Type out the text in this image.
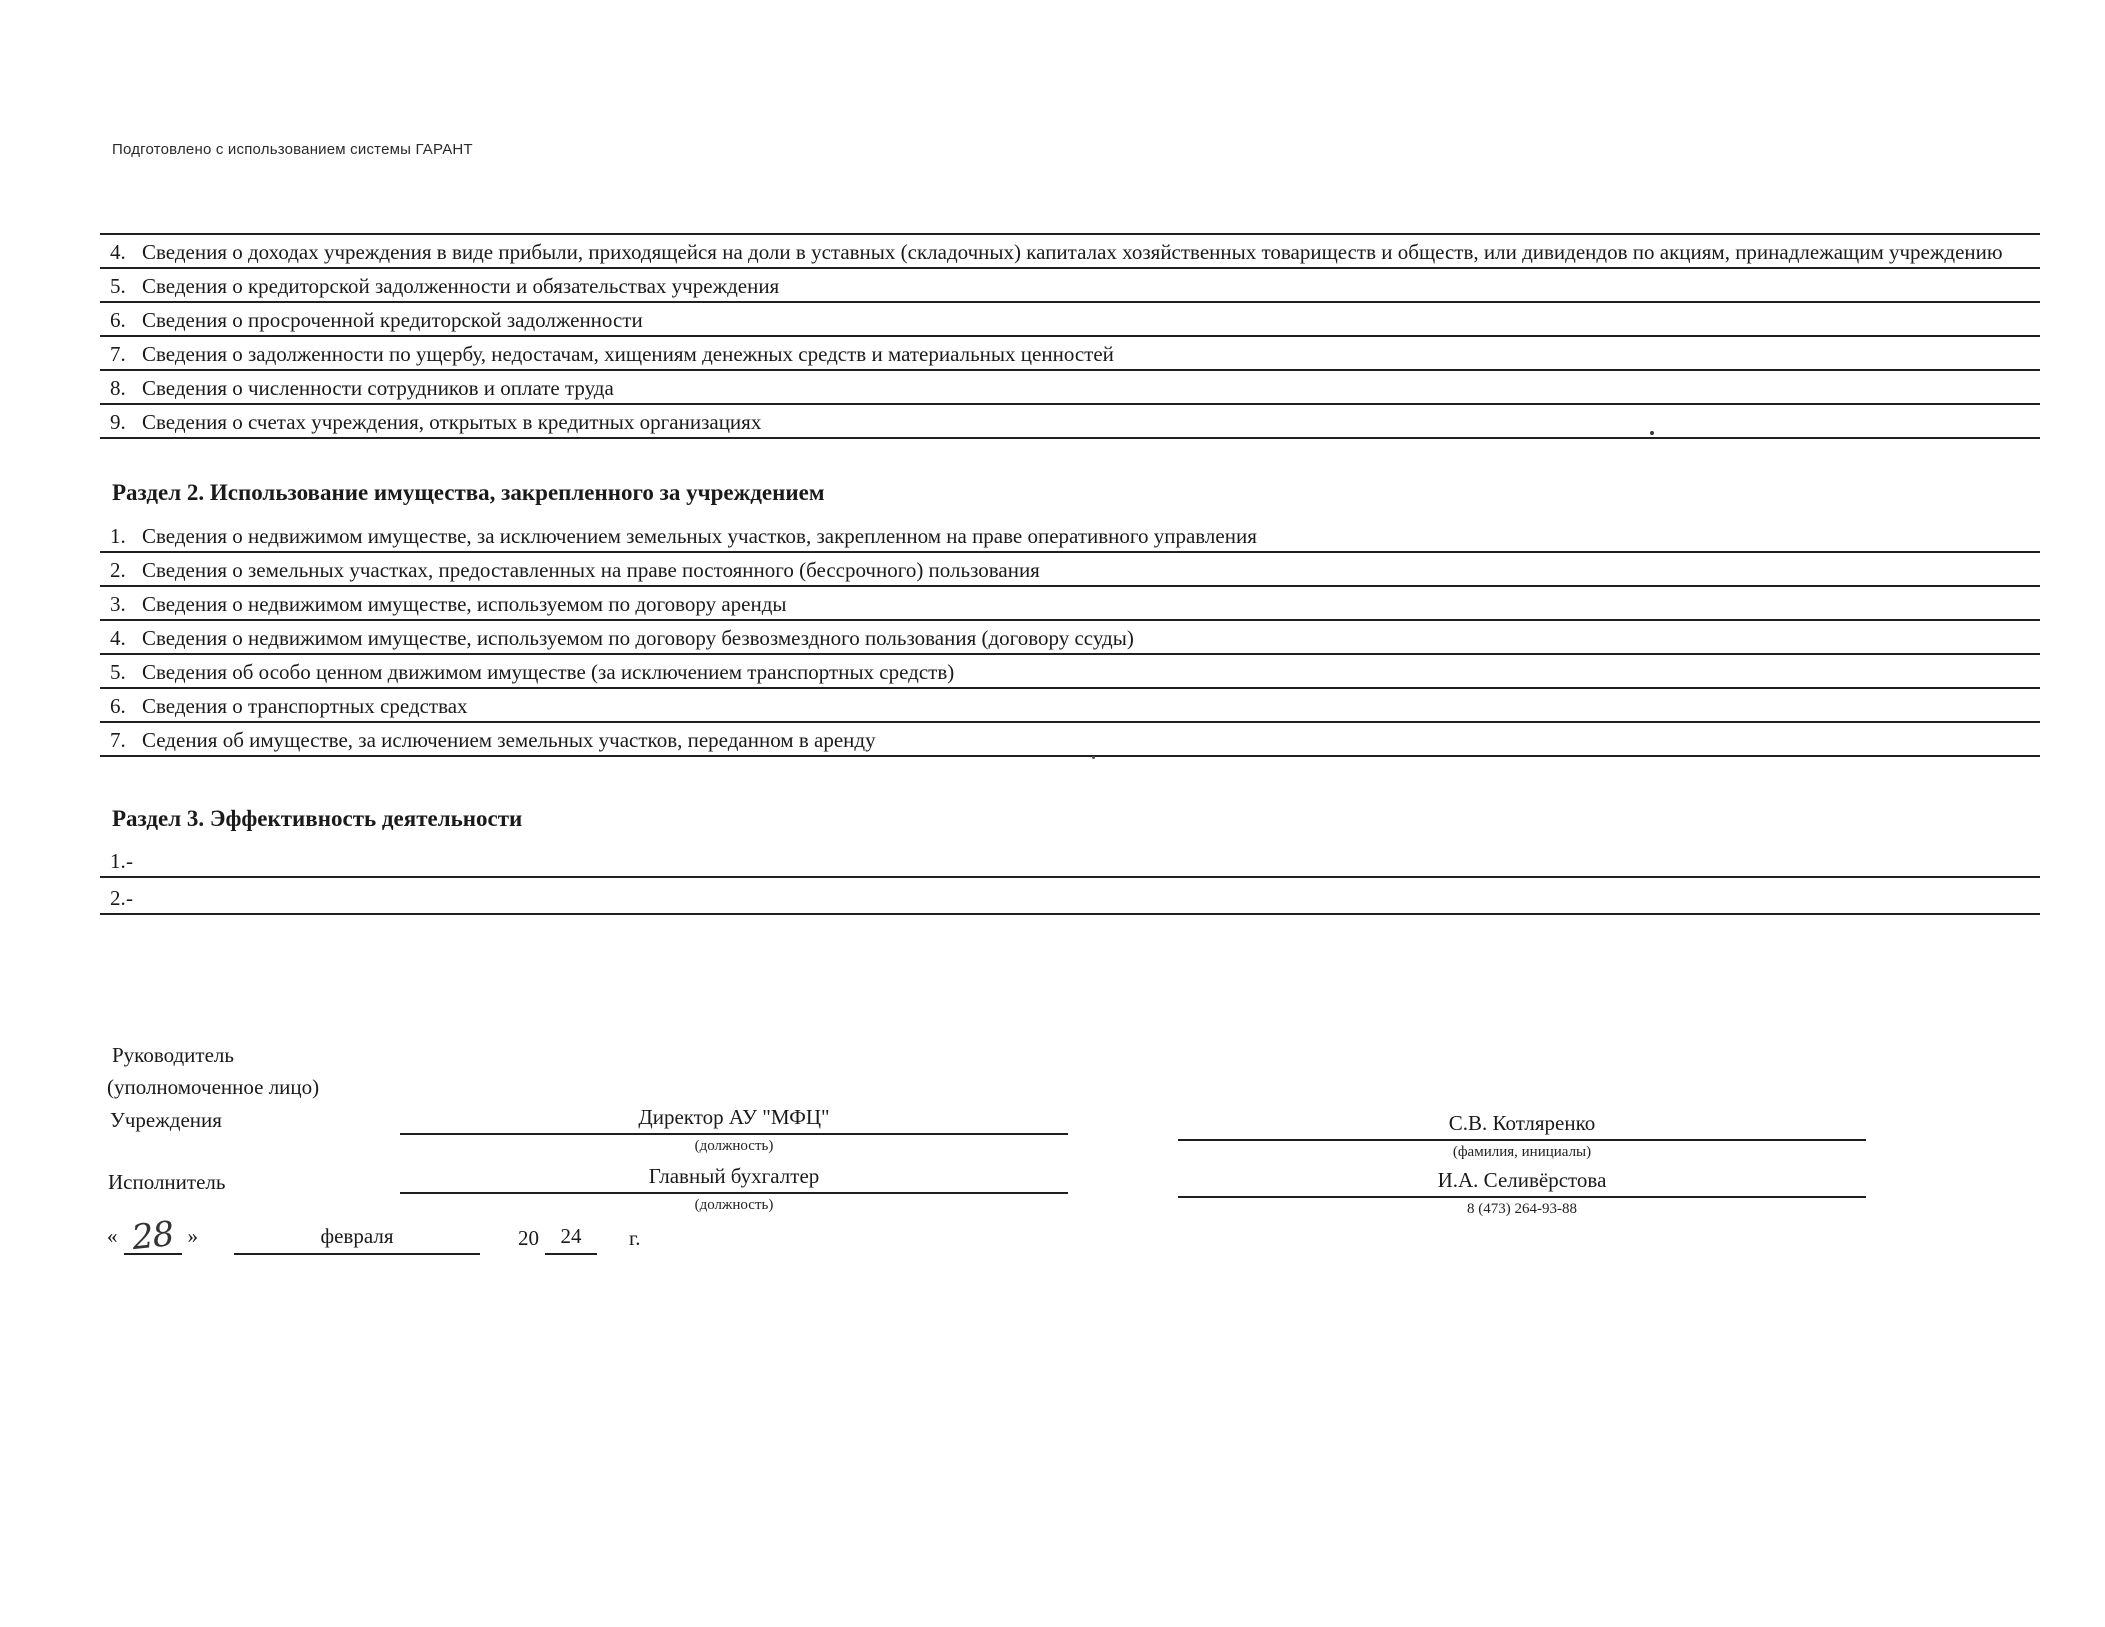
Подготовлено с использованием системы ГАРАНТ
4. Сведения о доходах учреждения в виде прибыли, приходящейся на доли в уставных (складочных) капиталах хозяйственных товариществ и обществ, или дивидендов по акциям, принадлежащим учреждению
5. Сведения о кредиторской задолженности и обязательствах учреждения
6. Сведения о просроченной кредиторской задолженности
7. Сведения о задолженности по ущербу, недостачам, хищениям денежных средств и материальных ценностей
8. Сведения о численности сотрудников и оплате труда
9. Сведения о счетах учреждения, открытых в кредитных организациях
Раздел 2. Использование имущества, закрепленного за учреждением
1. Сведения о недвижимом имуществе, за исключением земельных участков, закрепленном на праве оперативного управления
2. Сведения о земельных участках, предоставленных на праве постоянного (бессрочного) пользования
3. Сведения о недвижимом имуществе, используемом по договору аренды
4. Сведения о недвижимом имуществе, используемом по договору безвозмездного пользования (договору ссуды)
5. Сведения об особо ценном движимом имуществе (за исключением транспортных средств)
6. Сведения о транспортных средствах
7. Седения об имуществе, за ислючением земельных участков, переданном в аренду
Раздел 3. Эффективность деятельности
1. -
2. -
Руководитель
(уполномоченное лицо)
Учреждения	Директор АУ "МФЦ"
(должность)
С.В. Котляренко
(фамилия, инициалы)
Исполнитель	Главный бухгалтер
(должность)
И.А. Селивёрстова
8 (473) 264-93-88
« 28 »	февраля	20	24	г.
